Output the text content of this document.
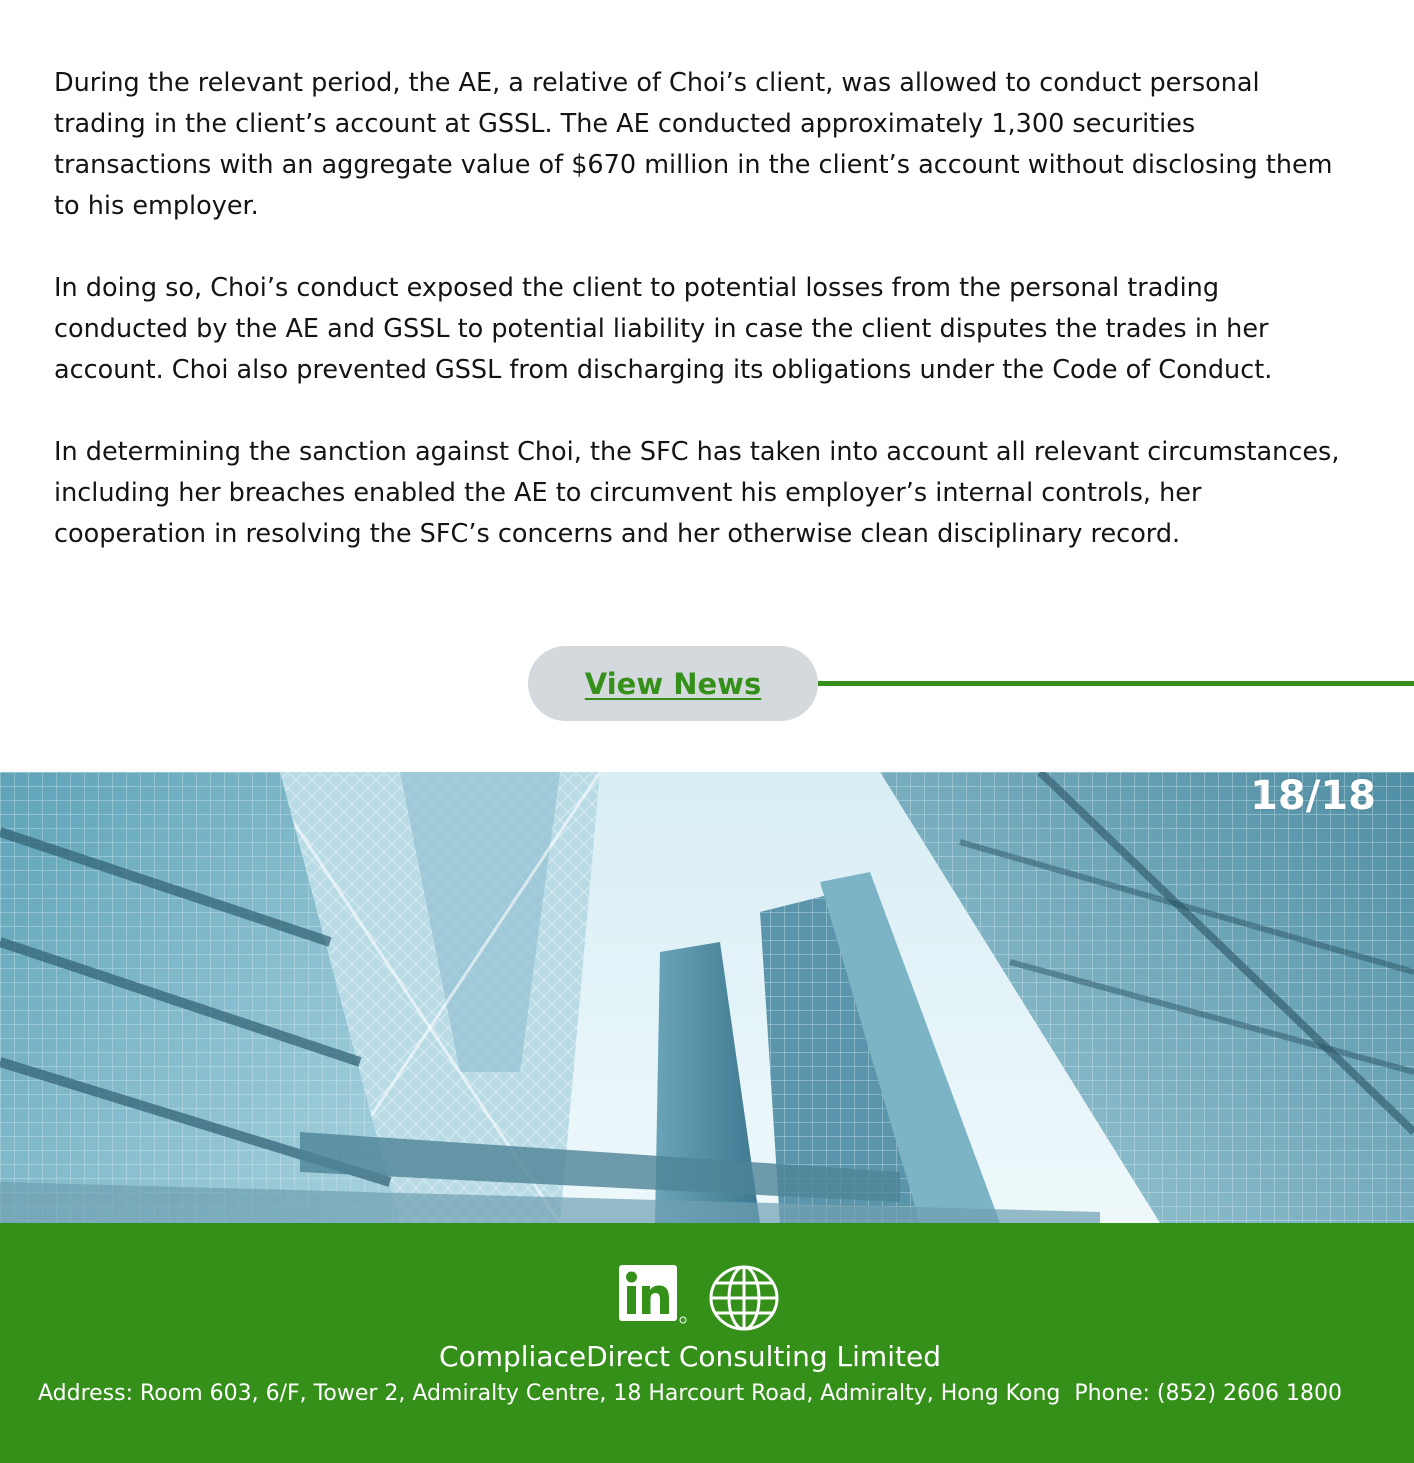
During the relevant period, the AE, a relative of Choi’s client, was allowed to conduct personal trading in the client’s account at GSSL. The AE conducted approximately 1,300 securities transactions with an aggregate value of $670 million in the client’s account without disclosing them to his employer.

In doing so, Choi’s conduct exposed the client to potential losses from the personal trading conducted by the AE and GSSL to potential liability in case the client disputes the trades in her account. Choi also prevented GSSL from discharging its obligations under the Code of Conduct.

In determining the sanction against Choi, the SFC has taken into account all relevant circumstances, including her breaches enabled the AE to circumvent his employer’s internal controls, her cooperation in resolving the SFC’s concerns and her otherwise clean disciplinary record.

View News
18/18
CompliaceDirect Consulting Limited
Address: Room 603, 6/F, Tower 2, Admiralty Centre, 18 Harcourt Road, Admiralty, Hong Kong  Phone: (852) 2606 1800
